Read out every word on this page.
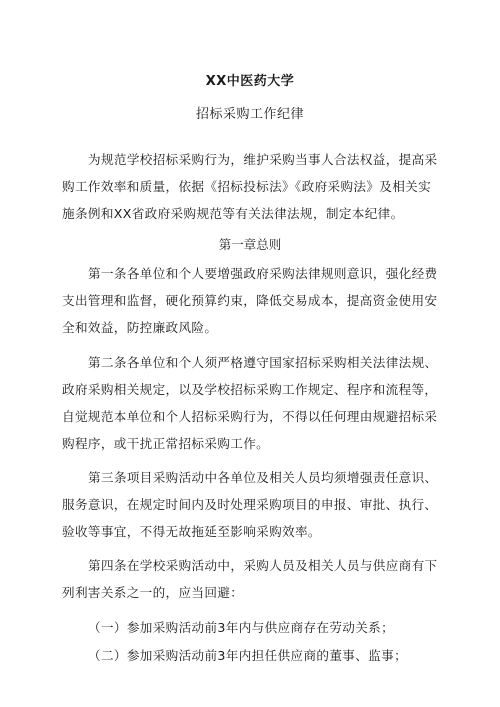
XX中医药大学
招标采购工作纪律
为规范学校招标采购行为，维护采购当事人合法权益，提高采
购工作效率和质量，依据《招标投标法》《政府采购法》及相关实
施条例和XX省政府采购规范等有关法律法规，制定本纪律。
第一章总则
第一条各单位和个人要增强政府采购法律规则意识，强化经费
支出管理和监督，硬化预算约束，降低交易成本，提高资金使用安
全和效益，防控廉政风险。
第二条各单位和个人须严格遵守国家招标采购相关法律法规、
政府采购相关规定，以及学校招标采购工作规定、程序和流程等，
自觉规范本单位和个人招标采购行为，不得以任何理由规避招标采
购程序，或干扰正常招标采购工作。
第三条项目采购活动中各单位及相关人员均须增强责任意识、
服务意识，在规定时间内及时处理采购项目的申报、审批、执行、
验收等事宜，不得无故拖延至影响采购效率。
第四条在学校采购活动中，采购人员及相关人员与供应商有下
列利害关系之一的，应当回避：
（一）参加采购活动前3年内与供应商存在劳动关系；
（二）参加采购活动前3年内担任供应商的董事、监事；
